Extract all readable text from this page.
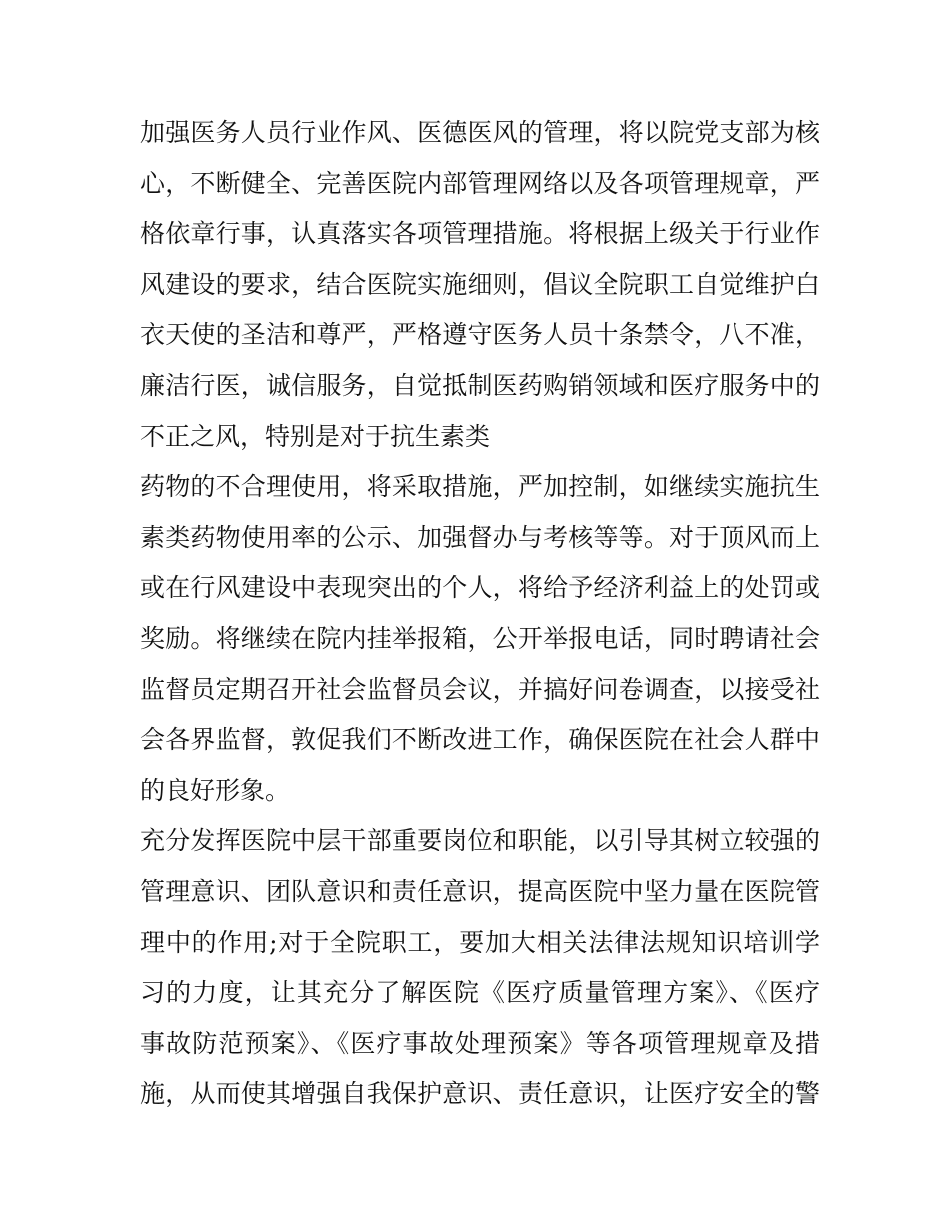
加强医务人员行业作风、医德医风的管理，将以院党支部为核
心，不断健全、完善医院内部管理网络以及各项管理规章，严
格依章行事，认真落实各项管理措施。将根据上级关于行业作
风建设的要求，结合医院实施细则，倡议全院职工自觉维护白
衣天使的圣洁和尊严，严格遵守医务人员十条禁令，八不准，
廉洁行医，诚信服务，自觉抵制医药购销领域和医疗服务中的
不正之风，特别是对于抗生素类
药物的不合理使用，将采取措施，严加控制，如继续实施抗生
素类药物使用率的公示、加强督办与考核等等。对于顶风而上
或在行风建设中表现突出的个人，将给予经济利益上的处罚或
奖励。将继续在院内挂举报箱，公开举报电话，同时聘请社会
监督员定期召开社会监督员会议，并搞好问卷调查，以接受社
会各界监督，敦促我们不断改进工作，确保医院在社会人群中
的良好形象。
充分发挥医院中层干部重要岗位和职能，以引导其树立较强的
管理意识、团队意识和责任意识，提高医院中坚力量在医院管
理中的作用;对于全院职工，要加大相关法律法规知识培训学
习的力度，让其充分了解医院《医疗质量管理方案》、《医疗
事故防范预案》、《医疗事故处理预案》等各项管理规章及措
施，从而使其增强自我保护意识、责任意识，让医疗安全的警
